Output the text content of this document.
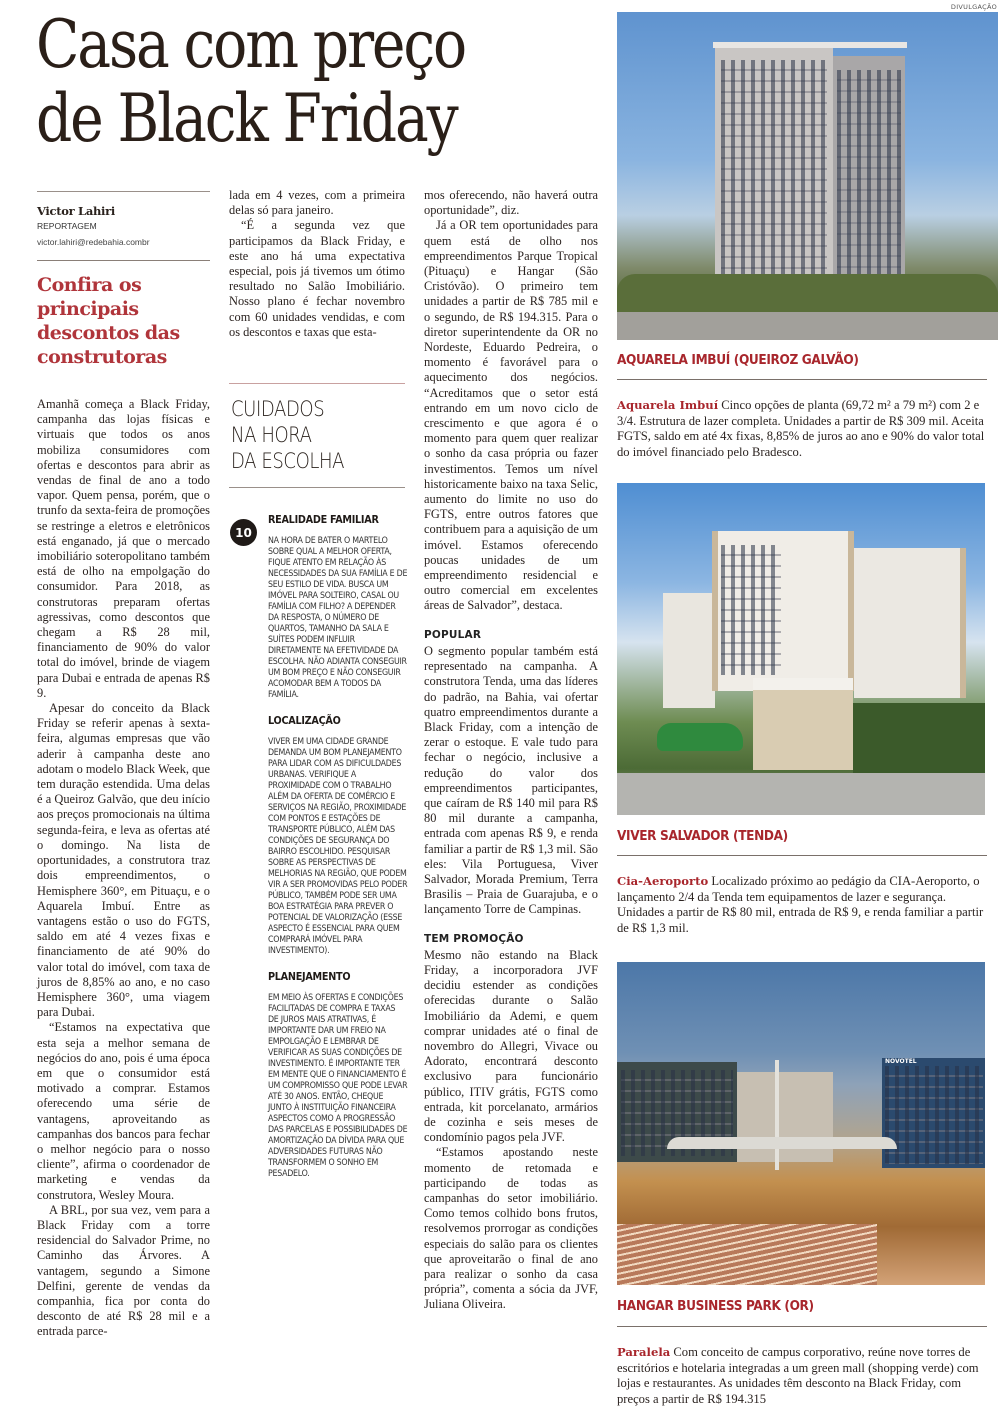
DIVULGAÇÃO
Casa com preço
de Black Friday
Victor Lahiri
REPORTAGEM
victor.lahiri@redebahia.combr
Confira os principais descontos das construtoras

Amanhã começa a Black Friday, campanha das lojas físicas e virtuais que todos os anos mobiliza consumidores com ofertas e descontos para abrir as vendas de final de ano a todo vapor. Quem pensa, porém, que o trunfo da sexta-feira de promoções se restringe a eletros e eletrônicos está enganado, já que o mercado imobiliário soteropolitano também está de olho na empolgação do consumidor. Para 2018, as construtoras preparam ofertas agressivas, como descontos que chegam a R$ 28 mil, financiamento de 90% do valor total do imóvel, brinde de viagem para Dubai e entrada de apenas R$ 9.

Apesar do conceito da Black Friday se referir apenas à sexta-feira, algumas empresas que vão aderir à campanha deste ano adotam o modelo Black Week, que tem duração estendida. Uma delas é a Queiroz Galvão, que deu início aos preços promocionais na última segunda-feira, e leva as ofertas até o domingo. Na lista de oportunidades, a construtora traz dois empreendimentos, o Hemisphere 360°, em Pituaçu, e o Aquarela Imbuí. Entre as vantagens estão o uso do FGTS, saldo em até 4 vezes fixas e financiamento de até 90% do valor total do imóvel, com taxa de juros de 8,85% ao ano, e no caso Hemisphere 360°, uma viagem para Dubai.

“Estamos na expectativa que esta seja a melhor semana de negócios do ano, pois é uma época em que o consumidor está motivado a comprar. Estamos oferecendo uma série de vantagens, aproveitando as campanhas dos bancos para fechar o melhor negócio para o nosso cliente”, afirma o coordenador de marketing e vendas da construtora, Wesley Moura.

A BRL, por sua vez, vem para a Black Friday com a torre residencial do Salvador Prime, no Caminho das Árvores. A vantagem, segundo a Simone Delfini, gerente de vendas da companhia, fica por conta do desconto de até R$ 28 mil e a entrada parce-

lada em 4 vezes, com a primeira delas só para janeiro.

“É a segunda vez que participamos da Black Friday, e este ano há uma expectativa especial, pois já tivemos um ótimo resultado no Salão Imobiliário. Nosso plano é fechar novembro com 60 unidades vendidas, e com os descontos e taxas que esta-

CUIDADOS
NA HORA
DA ESCOLHA
10
REALIDADE FAMILIAR
NA HORA DE BATER O MARTELO SOBRE QUAL A MELHOR OFERTA, FIQUE ATENTO EM RELAÇÃO ÀS NECESSIDADES DA SUA FAMÍLIA E DE SEU ESTILO DE VIDA. BUSCA UM IMÓVEL PARA SOLTEIRO, CASAL OU FAMÍLIA COM FILHO? A DEPENDER DA RESPOSTA, O NÚMERO DE QUARTOS, TAMANHO DA SALA E SUÍTES PODEM INFLUIR DIRETAMENTE NA EFETIVIDADE DA ESCOLHA. NÃO ADIANTA CONSEGUIR UM BOM PREÇO E NÃO CONSEGUIR ACOMODAR BEM A TODOS DA FAMÍLIA.
LOCALIZAÇÃO
VIVER EM UMA CIDADE GRANDE DEMANDA UM BOM PLANEJAMENTO PARA LIDAR COM AS DIFICULDADES URBANAS. VERIFIQUE A PROXIMIDADE COM O TRABALHO ALÉM DA OFERTA DE COMÉRCIO E SERVIÇOS NA REGIÃO, PROXIMIDADE COM PONTOS E ESTAÇÕES DE TRANSPORTE PÚBLICO, ALÉM DAS CONDIÇÕES DE SEGURANÇA DO BAIRRO ESCOLHIDO. PESQUISAR SOBRE AS PERSPECTIVAS DE MELHORIAS NA REGIÃO, QUE PODEM VIR A SER PROMOVIDAS PELO PODER PÚBLICO, TAMBÉM PODE SER UMA BOA ESTRATÉGIA PARA PREVER O POTENCIAL DE VALORIZAÇÃO (ESSE ASPECTO É ESSENCIAL PARA QUEM COMPRARÁ IMÓVEL PARA INVESTIMENTO).
PLANEJAMENTO
EM MEIO ÀS OFERTAS E CONDIÇÕES FACILITADAS DE COMPRA E TAXAS DE JUROS MAIS ATRATIVAS, É IMPORTANTE DAR UM FREIO NA EMPOLGAÇÃO E LEMBRAR DE VERIFICAR AS SUAS CONDIÇÕES DE INVESTIMENTO. É IMPORTANTE TER EM MENTE QUE O FINANCIAMENTO É UM COMPROMISSO QUE PODE LEVAR ATÉ 30 ANOS. ENTÃO, CHEQUE JUNTO À INSTITUIÇÃO FINANCEIRA ASPECTOS COMO A PROGRESSÃO DAS PARCELAS E POSSIBILIDADES DE AMORTIZAÇÃO DA DÍVIDA PARA QUE ADVERSIDADES FUTURAS NÃO TRANSFORMEM O SONHO EM PESADELO.

mos oferecendo, não haverá outra oportunidade”, diz.

Já a OR tem oportunidades para quem está de olho nos empreendimentos Parque Tropical (Pituaçu) e Hangar (São Cristóvão). O primeiro tem unidades a partir de R$ 785 mil e o segundo, de R$ 194.315. Para o diretor superintendente da OR no Nordeste, Eduardo Pedreira, o momento é favorável para o aquecimento dos negócios. “Acreditamos que o setor está entrando em um novo ciclo de crescimento e que agora é o momento para quem quer realizar o sonho da casa própria ou fazer investimentos. Temos um nível historicamente baixo na taxa Selic, aumento do limite no uso do FGTS, entre outros fatores que contribuem para a aquisição de um imóvel. Estamos oferecendo poucas unidades de um empreendimento residencial e outro comercial em excelentes áreas de Salvador”, destaca.

POPULAR

O segmento popular também está representado na campanha. A construtora Tenda, uma das líderes do padrão, na Bahia, vai ofertar quatro empreendimentos durante a Black Friday, com a intenção de zerar o estoque. E vale tudo para fechar o negócio, inclusive a redução do valor dos empreendimentos participantes, que caíram de R$ 140 mil para R$ 80 mil durante a campanha, entrada com apenas R$ 9, e renda familiar a partir de R$ 1,3 mil. São eles: Vila Portuguesa, Viver Salvador, Morada Premium, Terra Brasilis – Praia de Guarajuba, e o lançamento Torre de Campinas.

TEM PROMOÇÃO

Mesmo não estando na Black Friday, a incorporadora JVF decidiu estender as condições oferecidas durante o Salão Imobiliário da Ademi, e quem comprar unidades até o final de novembro do Allegri, Vivace ou Adorato, encontrará desconto exclusivo para funcionário público, ITIV grátis, FGTS como entrada, kit porcelanato, armários de cozinha e seis meses de condomínio pagos pela JVF.

“Estamos apostando neste momento de retomada e participando de todas as campanhas do setor imobiliário. Como temos colhido bons frutos, resolvemos prorrogar as condições especiais do salão para os clientes que aproveitarão o final de ano para realizar o sonho da casa própria”, comenta a sócia da JVF, Juliana Oliveira.

AQUARELA IMBUÍ (QUEIROZ GALVÃO)
Aquarela Imbuí Cinco opções de planta (69,72 m² a 79 m²) com 2 e 3/4. Estrutura de lazer completa. Unidades a partir de R$ 309 mil. Aceita FGTS, saldo em até 4x fixas, 8,85% de juros ao ano e 90% do valor total do imóvel financiado pelo Bradesco.
VIVER SALVADOR (TENDA)
Cia-Aeroporto Localizado próximo ao pedágio da CIA-Aeroporto, o lançamento 2/4 da Tenda tem equipamentos de lazer e segurança. Unidades a partir de R$ 80 mil, entrada de R$ 9, e renda familiar a partir de R$ 1,3 mil.
NOVOTEL
HANGAR BUSINESS PARK (OR)
Paralela Com conceito de campus corporativo, reúne nove torres de escritórios e hotelaria integradas a um green mall (shopping verde) com lojas e restaurantes. As unidades têm desconto na Black Friday, com preços a partir de R$ 194.315
